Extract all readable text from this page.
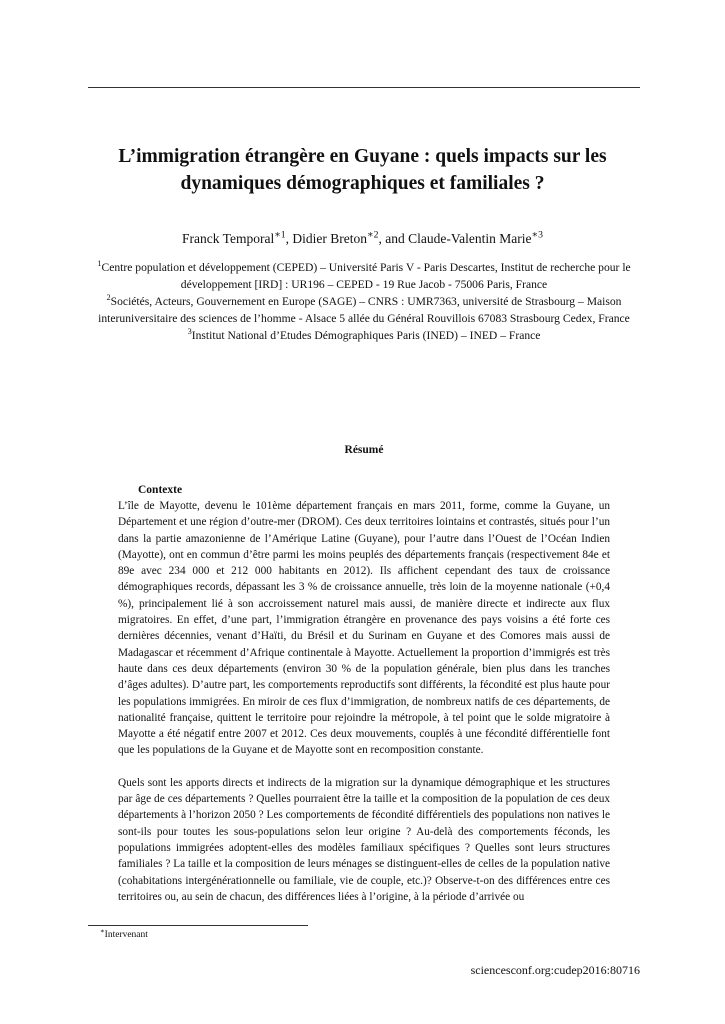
L’immigration étrangère en Guyane : quels impacts sur les dynamiques démographiques et familiales ?
Franck Temporal$^{∗1}$, Didier Breton$^{∗2}$, and Claude-Valentin Marie$^{∗3}$
$^1$Centre population et développement (CEPED) – Université Paris V - Paris Descartes, Institut de recherche pour le développement [IRD] : UR196 – CEPED - 19 Rue Jacob - 75006 Paris, France
$^2$Sociétés, Acteurs, Gouvernement en Europe (SAGE) – CNRS : UMR7363, université de Strasbourg – Maison interuniversitaire des sciences de l’homme - Alsace 5 allée du Général Rouvillois 67083 Strasbourg Cedex, France
$^3$Institut National d’Etudes Démographiques Paris (INED) – INED – France
Résumé
Contexte

L’île de Mayotte, devenu le 101ème département français en mars 2011, forme, comme la Guyane, un Département et une région d’outre-mer (DROM). Ces deux territoires lointains et contrastés, situés pour l’un dans la partie amazonienne de l’Amérique Latine (Guyane), pour l’autre dans l’Ouest de l’Océan Indien (Mayotte), ont en commun d’être parmi les moins peuplés des départements français (respectivement 84e et 89e avec 234 000 et 212 000 habitants en 2012). Ils affichent cependant des taux de croissance démographiques records, dépassant les 3 % de croissance annuelle, très loin de la moyenne nationale (+0,4 %), principalement lié à son accroissement naturel mais aussi, de manière directe et indirecte aux flux migratoires. En effet, d’une part, l’immigration étrangère en provenance des pays voisins a été forte ces dernières décennies, venant d’Haïti, du Brésil et du Surinam en Guyane et des Comores mais aussi de Madagascar et récemment d’Afrique continentale à Mayotte. Actuellement la proportion d’immigrés est très haute dans ces deux départements (environ 30 % de la population générale, bien plus dans les tranches d’âges adultes). D’autre part, les comportements reproductifs sont différents, la fécondité est plus haute pour les populations immigrées. En miroir de ces flux d’immigration, de nombreux natifs de ces départements, de nationalité française, quittent le territoire pour rejoindre la métropole, à tel point que le solde migratoire à Mayotte a été négatif entre 2007 et 2012. Ces deux mouvements, couplés à une fécondité différentielle font que les populations de la Guyane et de Mayotte sont en recomposition constante.

Quels sont les apports directs et indirects de la migration sur la dynamique démographique et les structures par âge de ces départements ? Quelles pourraient être la taille et la composition de la population de ces deux départements à l’horizon 2050 ? Les comportements de fécondité différentiels des populations non natives le sont-ils pour toutes les sous-populations selon leur origine ? Au-delà des comportements féconds, les populations immigrées adoptent-elles des modèles familiaux spécifiques ? Quelles sont leurs structures familiales ? La taille et la composition de leurs ménages se distinguent-elles de celles de la population native (cohabitations intergénérationnelle ou familiale, vie de couple, etc.)? Observe-t-on des différences entre ces territoires ou, au sein de chacun, des différences liées à l’origine, à la période d’arrivée ou

∗Intervenant
sciencesconf.org:cudep2016:80716
